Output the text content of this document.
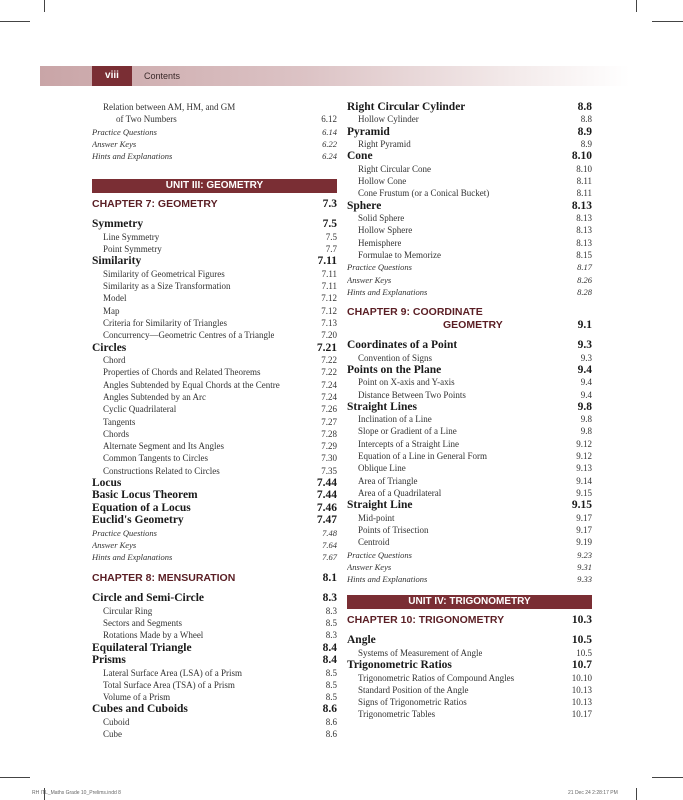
viii	Contents
Relation between AM, HM, and GM
of Two Numbers	6.12
Practice Questions	6.14
Answer Keys	6.22
Hints and Explanations	6.24
UNIT III: GEOMETRY
CHAPTER 7: GEOMETRY	7.3
Symmetry	7.5
Line Symmetry	7.5
Point Symmetry	7.7
Similarity	7.11
Similarity of Geometrical Figures	7.11
Similarity as a Size Transformation	7.11
Model	7.12
Map	7.12
Criteria for Similarity of Triangles	7.13
Concurrency—Geometric Centres of a Triangle	7.20
Circles	7.21
Chord	7.22
Properties of Chords and Related Theorems	7.22
Angles Subtended by Equal Chords at the Centre	7.24
Angles Subtended by an Arc	7.24
Cyclic Quadrilateral	7.26
Tangents	7.27
Chords	7.28
Alternate Segment and Its Angles	7.29
Common Tangents to Circles	7.30
Constructions Related to Circles	7.35
Locus	7.44
Basic Locus Theorem	7.44
Equation of a Locus	7.46
Euclid's Geometry	7.47
Practice Questions	7.48
Answer Keys	7.64
Hints and Explanations	7.67
CHAPTER 8: MENSURATION	8.1
Circle and Semi-Circle	8.3
Circular Ring	8.3
Sectors and Segments	8.5
Rotations Made by a Wheel	8.3
Equilateral Triangle	8.4
Prisms	8.4
Lateral Surface Area (LSA) of a Prism	8.5
Total Surface Area (TSA) of a Prism	8.5
Volume of a Prism	8.5
Cubes and Cuboids	8.6
Cuboid	8.6
Cube	8.6
Right Circular Cylinder	8.8
Hollow Cylinder	8.8
Pyramid	8.9
Right Pyramid	8.9
Cone	8.10
Right Circular Cone	8.10
Hollow Cone	8.11
Cone Frustum (or a Conical Bucket)	8.11
Sphere	8.13
Solid Sphere	8.13
Hollow Sphere	8.13
Hemisphere	8.13
Formulae to Memorize	8.15
Practice Questions	8.17
Answer Keys	8.26
Hints and Explanations	8.28
CHAPTER 9: COORDINATE
GEOMETRY	9.1
Coordinates of a Point	9.3
Convention of Signs	9.3
Points on the Plane	9.4
Point on X-axis and Y-axis	9.4
Distance Between Two Points	9.4
Straight Lines	9.8
Inclination of a Line	9.8
Slope or Gradient of a Line	9.8
Intercepts of a Straight Line	9.12
Equation of a Line in General Form	9.12
Oblique Line	9.13
Area of Triangle	9.14
Area of a Quadrilateral	9.15
Straight Line	9.15
Mid-point	9.17
Points of Trisection	9.17
Centroid	9.19
Practice Questions	9.23
Answer Keys	9.31
Hints and Explanations	9.33
UNIT IV: TRIGONOMETRY
CHAPTER 10: TRIGONOMETRY	10.3
Angle	10.5
Systems of Measurement of Angle	10.5
Trigonometric Ratios	10.7
Trigonometric Ratios of Compound Angles	10.10
Standard Position of the Angle	10.13
Signs of Trigonometric Ratios	10.13
Trigonometric Tables	10.17
RH ITL_Maths Grade 10_Prelims.indd 8	21 Dec 24 2:28:17 PM
